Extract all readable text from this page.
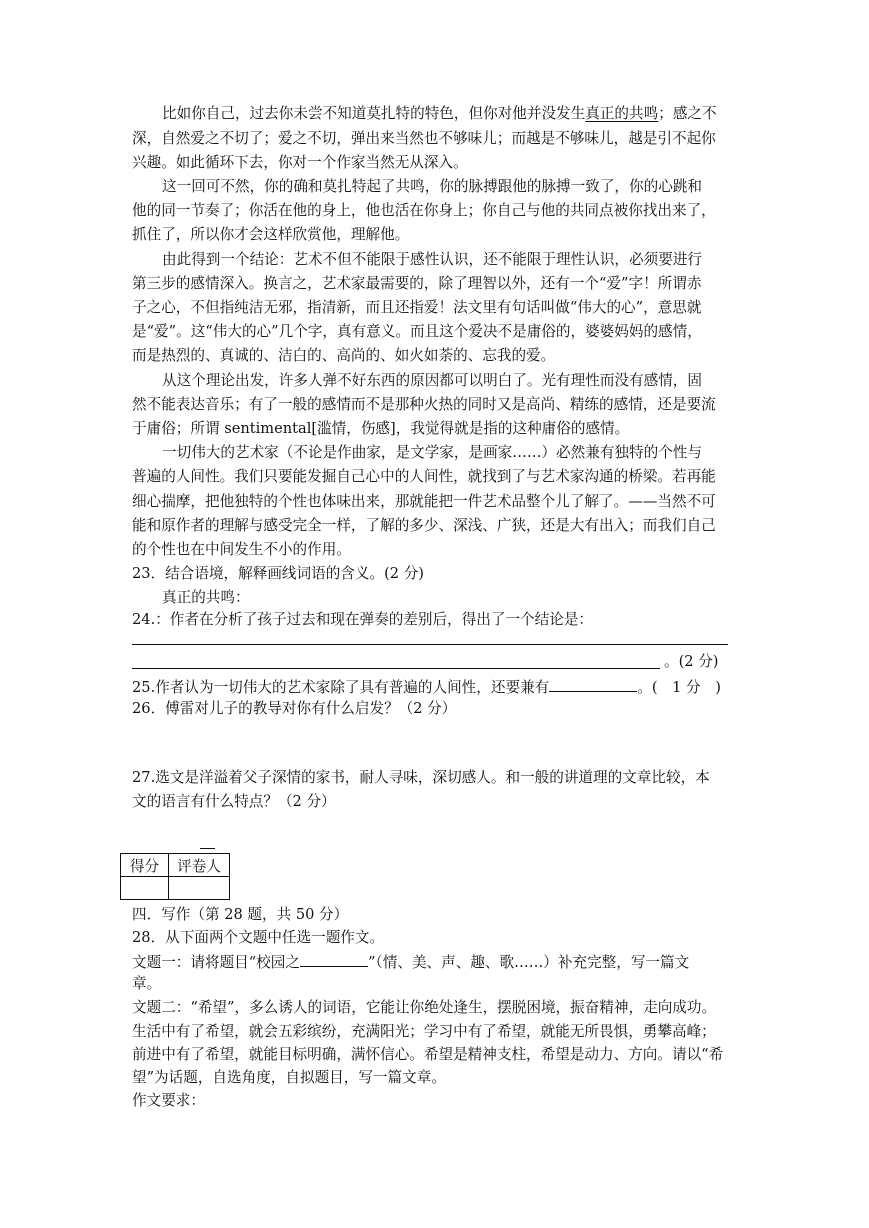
比如你自己，过去你未尝不知道莫扎特的特色，但你对他并没发生真正的共鸣；感之不
深，自然爱之不切了；爱之不切，弹出来当然也不够味儿；而越是不够味儿，越是引不起你
兴趣。如此循环下去，你对一个作家当然无从深入。
这一回可不然，你的确和莫扎特起了共鸣，你的脉搏跟他的脉搏一致了，你的心跳和
他的同一节奏了；你活在他的身上，他也活在你身上；你自己与他的共同点被你找出来了，
抓住了，所以你才会这样欣赏他，理解他。
由此得到一个结论：艺术不但不能限于感性认识，还不能限于理性认识，必须要进行
第三步的感情深入。换言之，艺术家最需要的，除了理智以外，还有一个“爱”字！所谓赤
子之心，不但指纯洁无邪，指清新，而且还指爱！法文里有句话叫做“伟大的心”，意思就
是“爱”。这“伟大的心”几个字，真有意义。而且这个爱决不是庸俗的，婆婆妈妈的感情，
而是热烈的、真诚的、洁白的、高尚的、如火如荼的、忘我的爱。
从这个理论出发，许多人弹不好东西的原因都可以明白了。光有理性而没有感情，固
然不能表达音乐；有了一般的感情而不是那种火热的同时又是高尚、精练的感情，还是要流
于庸俗；所谓 sentimental[滥情，伤感]，我觉得就是指的这种庸俗的感情。
一切伟大的艺术家（不论是作曲家，是文学家，是画家……）必然兼有独特的个性与
普遍的人间性。我们只要能发掘自己心中的人间性，就找到了与艺术家沟通的桥梁。若再能
细心揣摩，把他独特的个性也体味出来，那就能把一件艺术品整个儿了解了。——当然不可
能和原作者的理解与感受完全一样，了解的多少、深浅、广狭，还是大有出入；而我们自己
的个性也在中间发生不小的作用。
23．结合语境，解释画线词语的含义。(2 分)
真正的共鸣：
24.：作者在分析了孩子过去和现在弹奏的差别后，得出了一个结论是：
。(2 分)
25.作者认为一切伟大的艺术家除了具有普遍的人间性，还要兼有	。(　1 分　)
26．傅雷对儿子的教导对你有什么启发？（2 分）
27.选文是洋溢着父子深情的家书，耐人寻味，深切感人。和一般的讲道理的文章比较，本
文的语言有什么特点？（2 分）
得分	评卷人

四．写作（第 28 题，共 50 分）
28．从下面两个文题中任选一题作文。
文题一：请将题目“校园之	”（情、美、声、趣、歌……）补充完整，写一篇文
章。
文题二：“希望”，多么诱人的词语，它能让你绝处逢生，摆脱困境，振奋精神，走向成功。
生活中有了希望，就会五彩缤纷，充满阳光；学习中有了希望，就能无所畏惧，勇攀高峰；
前进中有了希望，就能目标明确，满怀信心。希望是精神支柱，希望是动力、方向。请以“希
望”为话题，自选角度，自拟题目，写一篇文章。
作文要求：
